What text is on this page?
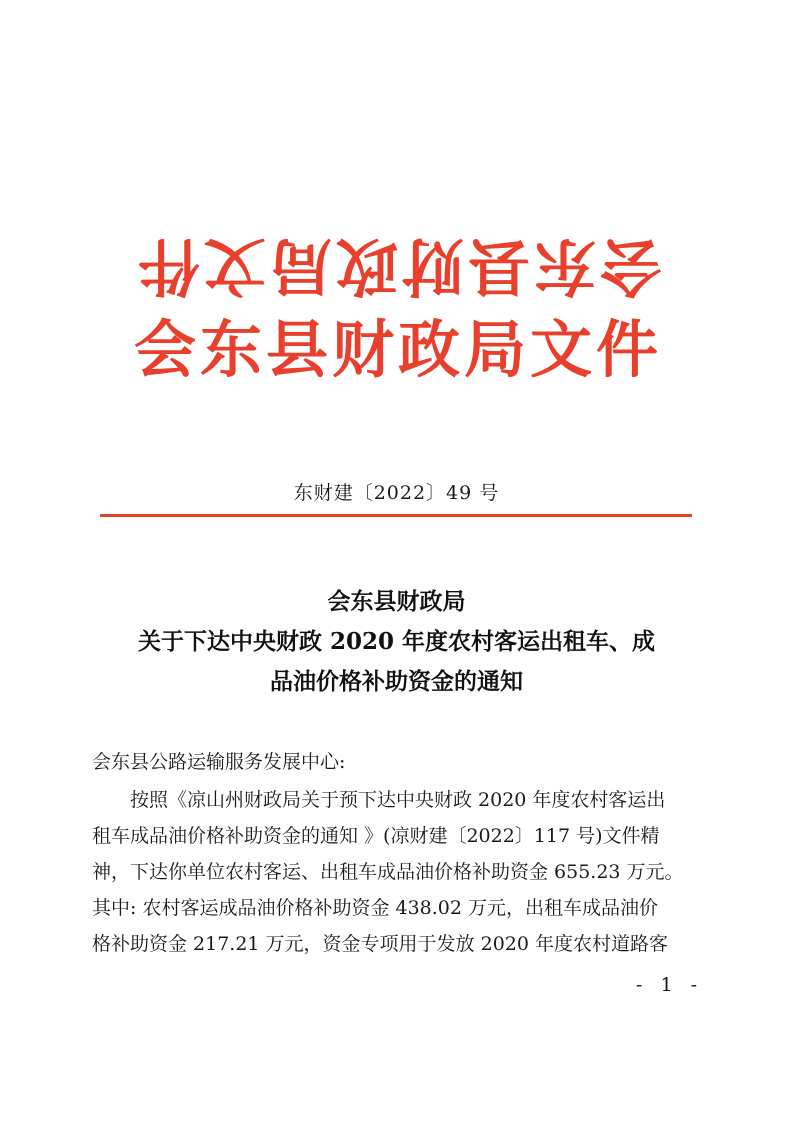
会东县财政局文件
会东县财政局文件
东财建〔2022〕49 号
会东县财政局
关于下达中央财政 2020 年度农村客运出租车、成
品油价格补助资金的通知
会东县公路运输服务发展中心:
按照《凉山州财政局关于预下达中央财政 2020 年度农村客运出
租车成品油价格补助资金的通知 》(凉财建〔2022〕117 号)文件精
神，下达你单位农村客运、出租车成品油价格补助资金 655.23 万元。
其中: 农村客运成品油价格补助资金 438.02 万元，出租车成品油价
格补助资金 217.21 万元，资金专项用于发放 2020 年度农村道路客
- 1 -
